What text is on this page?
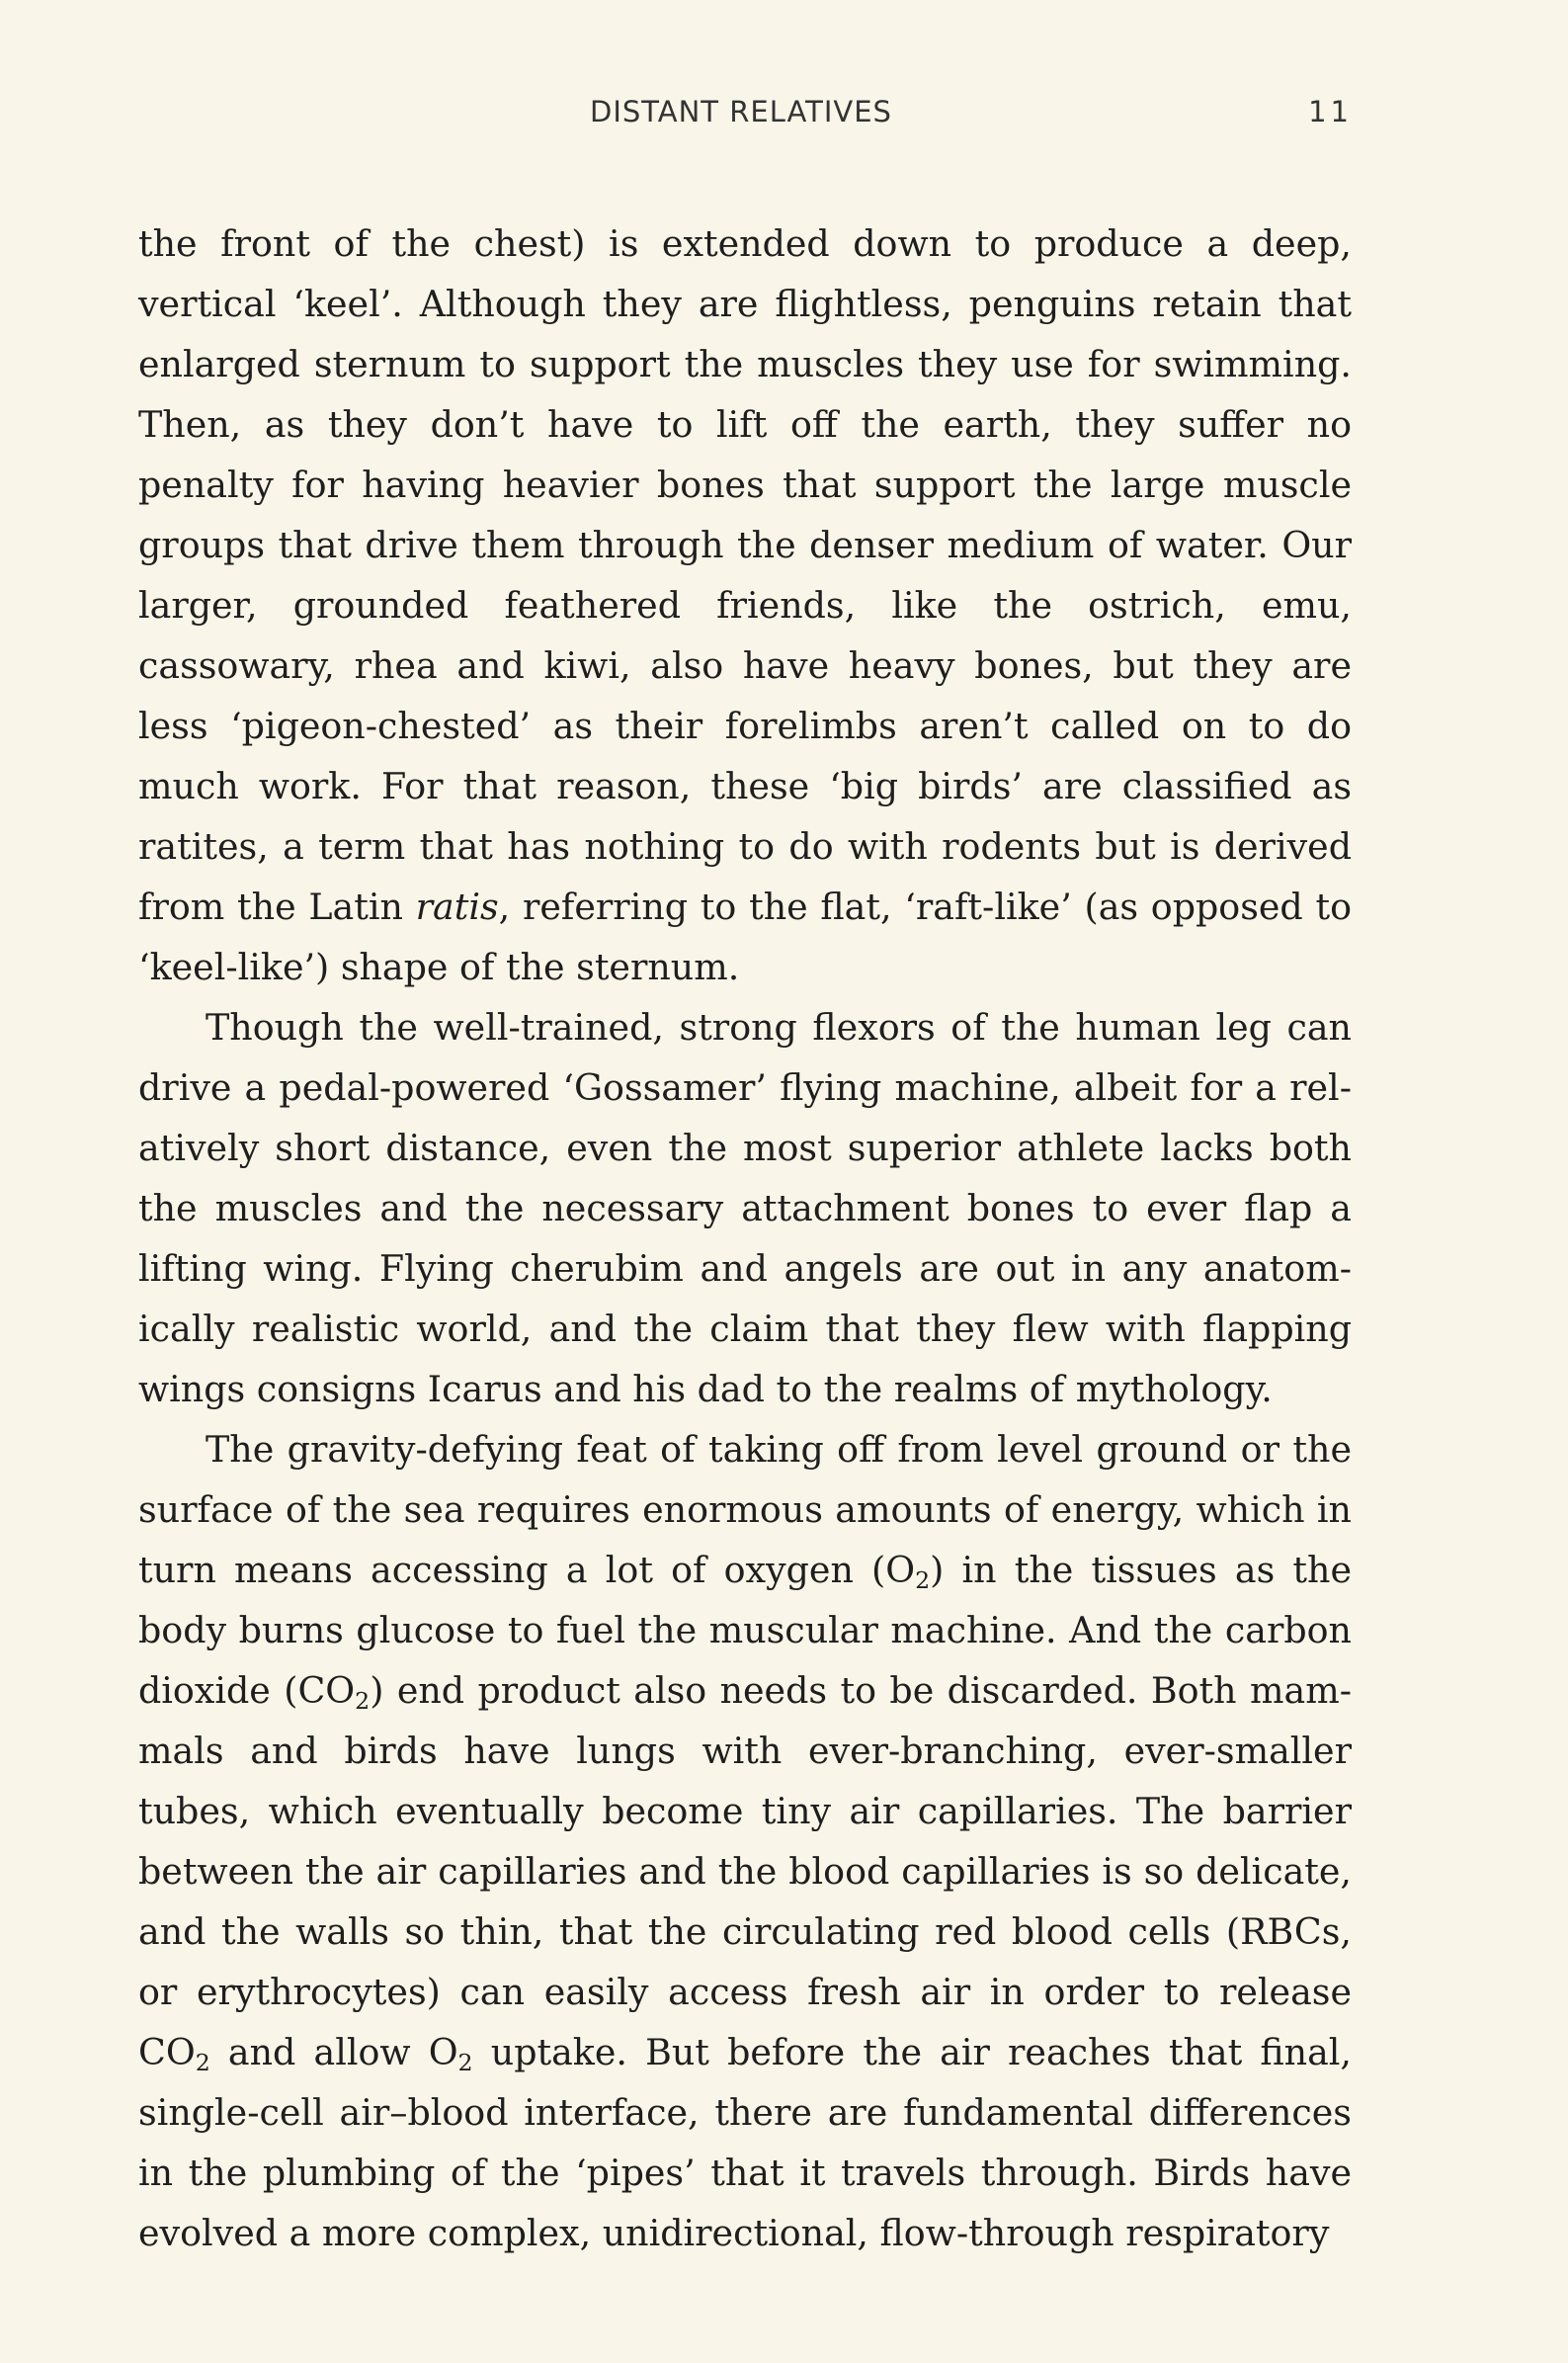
DISTANT RELATIVES	11

the front of the chest) is extended down to produce a deep, vertical ‘keel’. Although they are flightless, penguins retain that enlarged sternum to support the muscles they use for swimming. Then, as they don’t have to lift off the earth, they suffer no penalty for having heavier bones that support the large muscle groups that drive them through the denser medium of water. Our larger, grounded feathered friends, like the ostrich, emu, cassowary, rhea and kiwi, also have heavy bones, but they are less ‘pigeon-chested’ as their forelimbs aren’t called on to do much work. For that reason, these ‘big birds’ are classified as ratites, a term that has nothing to do with rodents but is derived from the Latin ratis, referring to the flat, ‘raft-like’ (as opposed to ‘keel-like’) shape of the sternum.

Though the well-trained, strong flexors of the human leg can drive a pedal-powered ‘Gossamer’ flying machine, albeit for a relatively short distance, even the most superior athlete lacks both the muscles and the necessary attachment bones to ever flap a lifting wing. Flying cherubim and angels are out in any anatomically realistic world, and the claim that they flew with flapping wings consigns Icarus and his dad to the realms of mythology.

The gravity-defying feat of taking off from level ground or the surface of the sea requires enormous amounts of energy, which in turn means accessing a lot of oxygen $(O_2)$ in the tissues as the body burns glucose to fuel the muscular machine. And the carbon dioxide $(CO_2)$ end product also needs to be discarded. Both mammals and birds have lungs with ever-branching, ever-smaller tubes, which eventually become tiny air capillaries. The barrier between the air capillaries and the blood capillaries is so delicate, and the walls so thin, that the circulating red blood cells (RBCs, or erythrocytes) can easily access fresh air in order to release $CO_2$ and allow $O_2$ uptake. But before the air reaches that final, single-cell air–blood interface, there are fundamental differences in the plumbing of the ‘pipes’ that it travels through. Birds have evolved a more complex, unidirectional, flow-through respiratory
